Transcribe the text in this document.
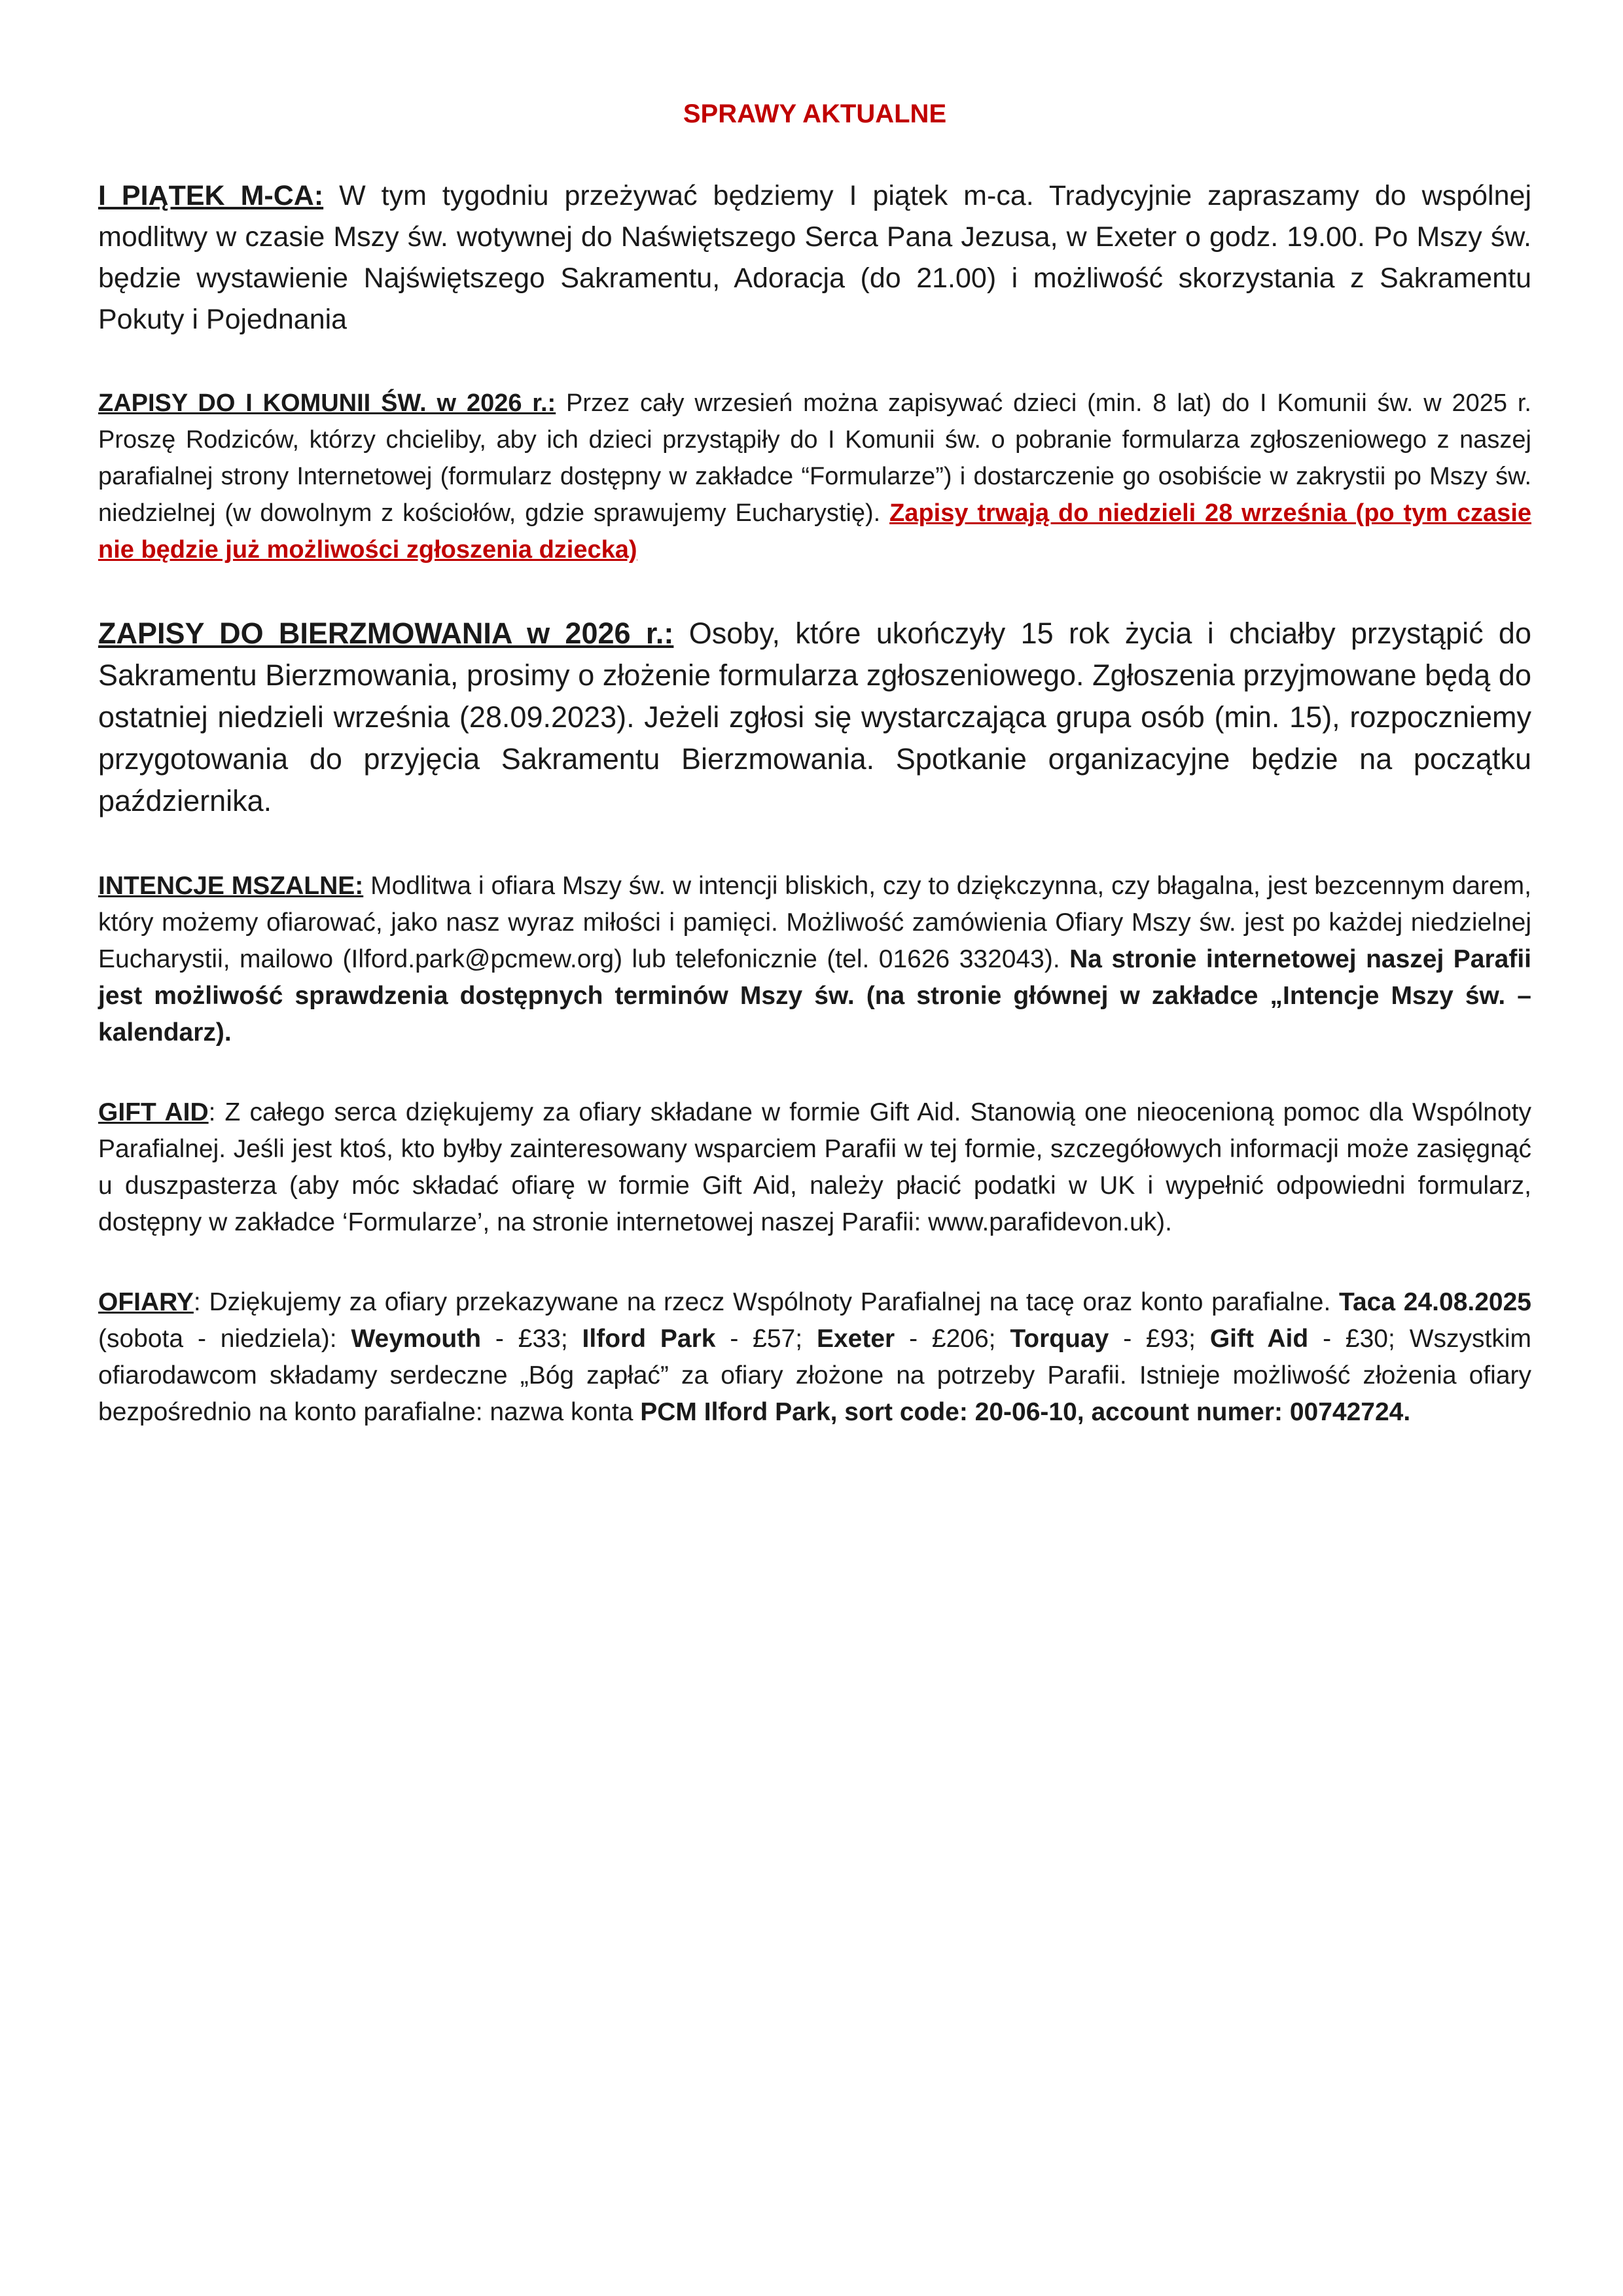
SPRAWY AKTUALNE

I PIĄTEK M-CA: W tym tygodniu przeżywać będziemy I piątek m-ca. Tradycyjnie zapraszamy do wspólnej modlitwy w czasie Mszy św. wotywnej do Naświętszego Serca Pana Jezusa, w Exeter o godz. 19.00. Po Mszy św. będzie wystawienie Najświętszego Sakramentu, Adoracja (do 21.00) i możliwość skorzystania z Sakramentu Pokuty i Pojednania

ZAPISY DO I KOMUNII ŚW. w 2026 r.: Przez cały wrzesień można zapisywać dzieci (min. 8 lat) do I Komunii św. w 2025 r. Proszę Rodziców, którzy chcieliby, aby ich dzieci przystąpiły do I Komunii św. o pobranie formularza zgłoszeniowego z naszej parafialnej strony Internetowej (formularz dostępny w zakładce “Formularze”) i dostarczenie go osobiście w zakrystii po Mszy św. niedzielnej (w dowolnym z kościołów, gdzie sprawujemy Eucharystię). Zapisy trwają do niedzieli 28 września (po tym czasie nie będzie już możliwości zgłoszenia dziecka)

ZAPISY DO BIERZMOWANIA w 2026 r.: Osoby, które ukończyły 15 rok życia i chciałby przystąpić do Sakramentu Bierzmowania, prosimy o złożenie formularza zgłoszeniowego. Zgłoszenia przyjmowane będą do ostatniej niedzieli września (28.09.2023). Jeżeli zgłosi się wystarczająca grupa osób (min. 15), rozpoczniemy przygotowania do przyjęcia Sakramentu Bierzmowania. Spotkanie organizacyjne będzie na początku października.

INTENCJE MSZALNE: Modlitwa i ofiara Mszy św. w intencji bliskich, czy to dziękczynna, czy błagalna, jest bezcennym darem, który możemy ofiarować, jako nasz wyraz miłości i pamięci. Możliwość zamówienia Ofiary Mszy św. jest po każdej niedzielnej Eucharystii, mailowo (Ilford.park@pcmew.org) lub telefonicznie (tel. 01626 332043). Na stronie internetowej naszej Parafii jest możliwość sprawdzenia dostępnych terminów Mszy św. (na stronie głównej w zakładce „Intencje Mszy św. – kalendarz).

GIFT AID: Z całego serca dziękujemy za ofiary składane w formie Gift Aid. Stanowią one nieocenioną pomoc dla Wspólnoty Parafialnej. Jeśli jest ktoś, kto byłby zainteresowany wsparciem Parafii w tej formie, szczegółowych informacji może zasięgnąć u duszpasterza (aby móc składać ofiarę w formie Gift Aid, należy płacić podatki w UK i wypełnić odpowiedni formularz, dostępny w zakładce ‘Formularze’, na stronie internetowej naszej Parafii: www.parafidevon.uk).

OFIARY: Dziękujemy za ofiary przekazywane na rzecz Wspólnoty Parafialnej na tacę oraz konto parafialne. Taca 24.08.2025 (sobota - niedziela): Weymouth - £33; Ilford Park - £57; Exeter - £206; Torquay - £93; Gift Aid - £30; Wszystkim ofiarodawcom składamy serdeczne „Bóg zapłać” za ofiary złożone na potrzeby Parafii. Istnieje możliwość złożenia ofiary bezpośrednio na konto parafialne: nazwa konta PCM Ilford Park, sort code: 20-06-10, account numer: 00742724.
